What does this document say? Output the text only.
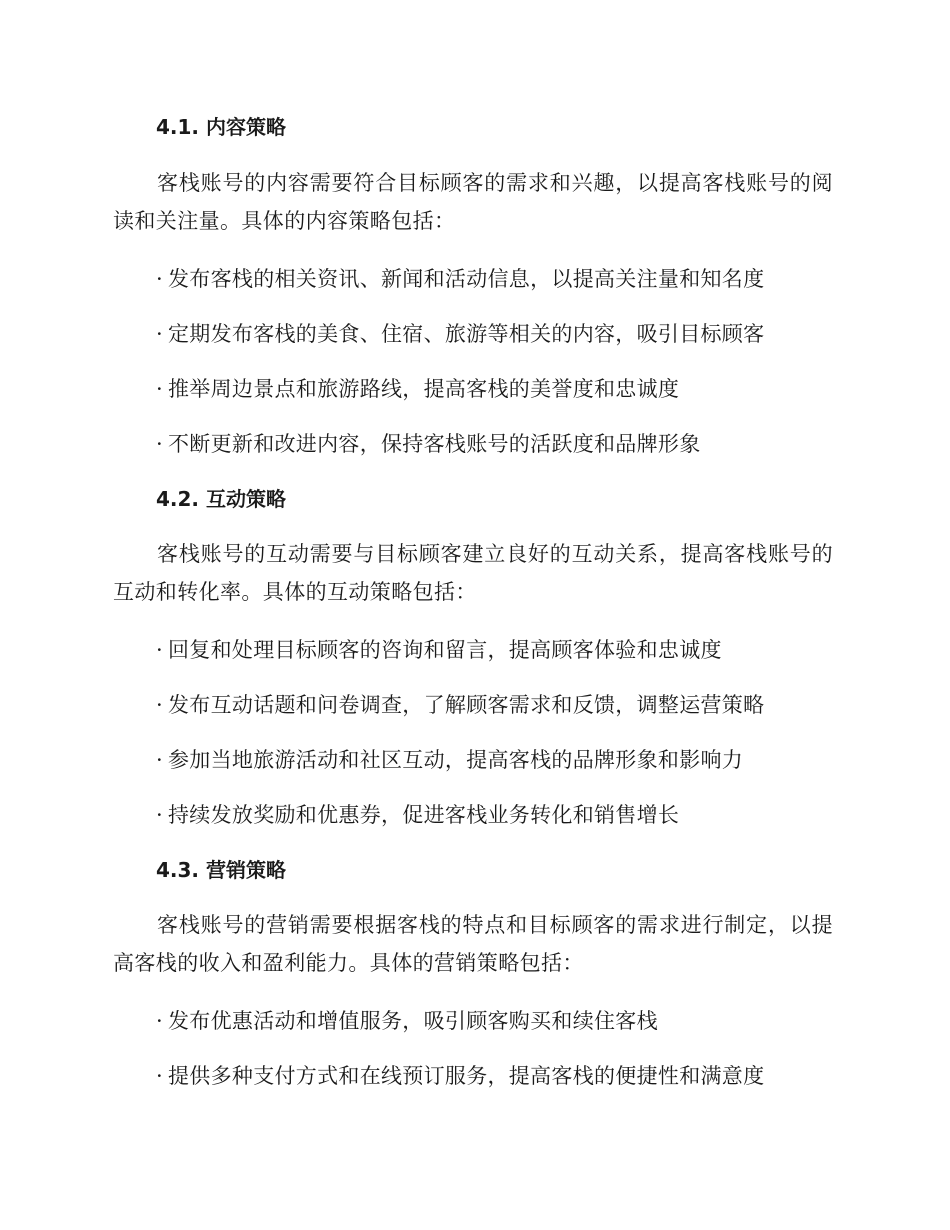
4.1. 内容策略
客栈账号的内容需要符合目标顾客的需求和兴趣，以提高客栈账号的阅读和关注量。具体的内容策略包括：
· 发布客栈的相关资讯、新闻和活动信息，以提高关注量和知名度
· 定期发布客栈的美食、住宿、旅游等相关的内容，吸引目标顾客
· 推举周边景点和旅游路线，提高客栈的美誉度和忠诚度
· 不断更新和改进内容，保持客栈账号的活跃度和品牌形象
4.2. 互动策略
客栈账号的互动需要与目标顾客建立良好的互动关系，提高客栈账号的互动和转化率。具体的互动策略包括：
· 回复和处理目标顾客的咨询和留言，提高顾客体验和忠诚度
· 发布互动话题和问卷调查，了解顾客需求和反馈，调整运营策略
· 参加当地旅游活动和社区互动，提高客栈的品牌形象和影响力
· 持续发放奖励和优惠券，促进客栈业务转化和销售增长
4.3. 营销策略
客栈账号的营销需要根据客栈的特点和目标顾客的需求进行制定，以提高客栈的收入和盈利能力。具体的营销策略包括：
· 发布优惠活动和增值服务，吸引顾客购买和续住客栈
· 提供多种支付方式和在线预订服务，提高客栈的便捷性和满意度
